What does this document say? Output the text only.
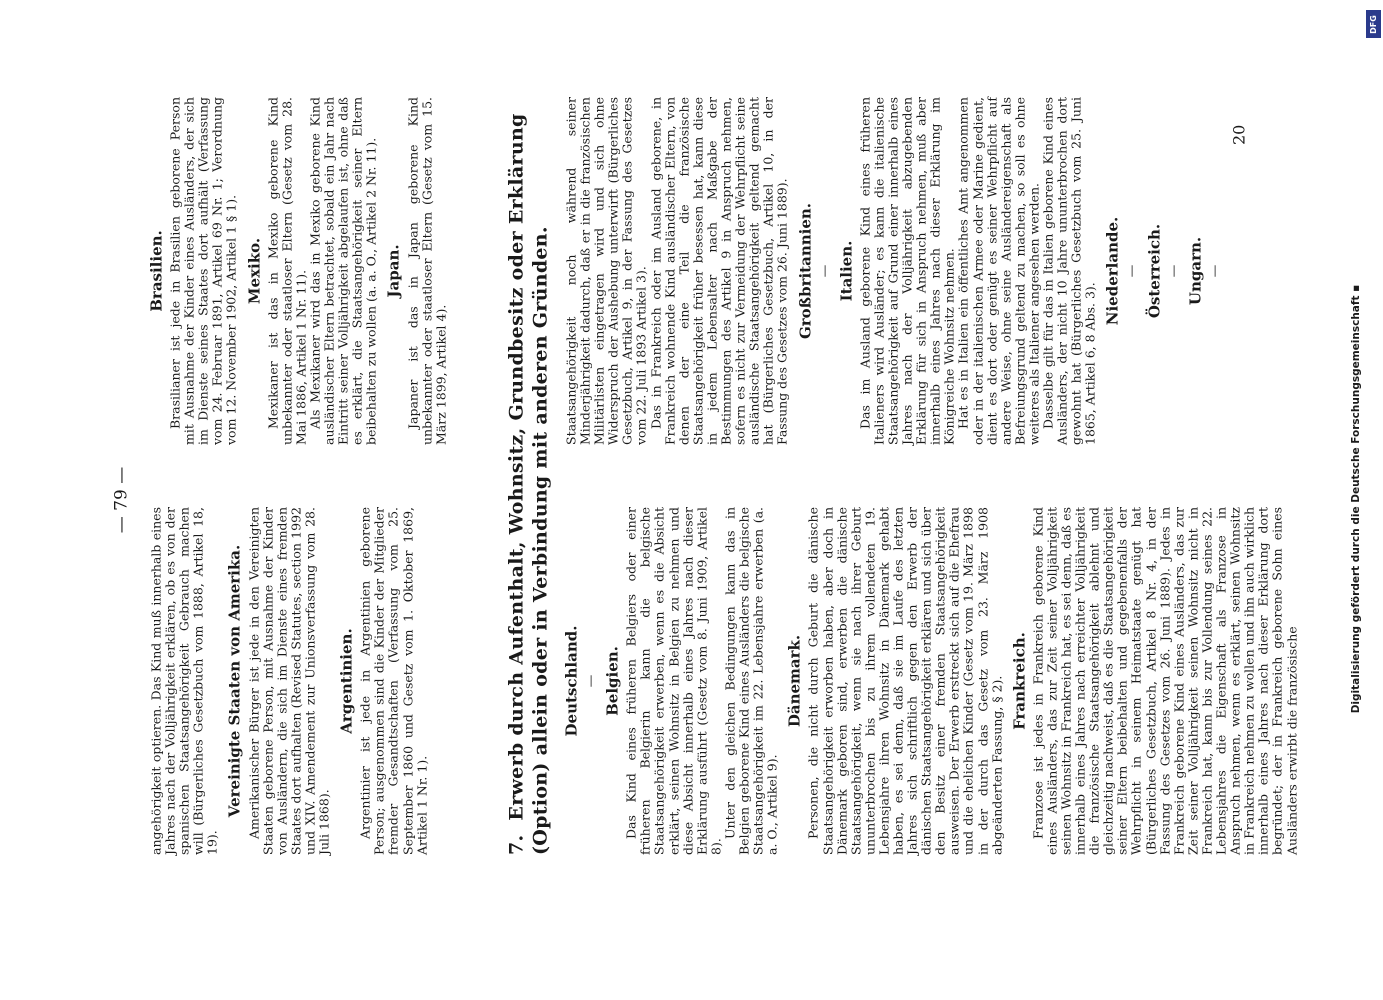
— 79 —

angehörigkeit optieren. Das Kind muß innerhalb eines Jahres nach der Volljährigkeit erklären, ob es von der spanischen Staatsangehörigkeit Gebrauch machen will (Bürgerliches Gesetzbuch vom 1888, Artikel 18, 19).

Vereinigte Staaten von Amerika. Amerikanischer Bürger ist jede in den Vereinigten Staaten geborene Person, mit Ausnahme der Kinder von Ausländern, die sich im Dienste eines fremden Staates dort aufhalten (Revised Statutes, section 1992 und XIV. Amendement zur Unionsverfassung vom 28. Juli 1868).

Argentinien. Argentinier ist jede in Argentinien geborene Person; ausgenommen sind die Kinder der Mitglieder fremder Gesandtschaften (Verfassung vom 25. September 1860 und Gesetz vom 1. Oktober 1869, Artikel 1 Nr. 1).

Brasilien. Brasilianer ist jede in Brasilien geborene Person mit Ausnahme der Kinder eines Ausländers, der sich im Dienste seines Staates dort aufhält (Verfassung vom 24. Februar 1891, Artikel 69 Nr. 1; Verordnung vom 12. November 1902, Artikel 1 § 1). Mexiko. Mexikaner ist das in Mexiko geborene Kind unbekannter oder staatloser Eltern (Gesetz vom 28. Mai 1886, Artikel 1 Nr. 11). Als Mexikaner wird das in Mexiko geborene Kind ausländischer Eltern betrachtet, sobald ein Jahr nach Eintritt seiner Volljährigkeit abgelaufen ist, ohne daß es erklärt, die Staatsangehörigkeit seiner Eltern beibehalten zu wollen (a. a. O., Artikel 2 Nr. 11). Japan. Japaner ist das in Japan geborene Kind unbekannter oder staatloser Eltern (Gesetz vom 15. März 1899, Artikel 4).

7.Erwerb durch Aufenthalt, Wohnsitz, Grundbesitz oder Erklärung (Option) allein oder in Verbindung mit anderen Gründen. Deutschland. — Belgien. Das Kind eines früheren Belgiers oder einer früheren Belgierin kann die belgische Staatsangehörigkeit erwerben, wenn es die Absicht erklärt, seinen Wohnsitz in Belgien zu nehmen und diese Absicht innerhalb eines Jahres nach dieser Erklärung ausführt (Gesetz vom 8. Juni 1909, Artikel 8).

Unter den gleichen Bedingungen kann das in Belgien geborene Kind eines Ausländers die belgische Staatsangehörigkeit im 22. Lebensjahre erwerben (a. a. O., Artikel 9).

Dänemark. Personen, die nicht durch Geburt die dänische Staatsangehörigkeit erworben haben, aber doch in Dänemark geboren sind, erwerben die dänische Staatsangehörigkeit, wenn sie nach ihrer Geburt ununterbrochen bis zu ihrem vollendeten 19. Lebensjahre ihren Wohnsitz in Dänemark gehabt haben, es sei denn, daß sie im Laufe des letzten Jahres sich schriftlich gegen den Erwerb der dänischen Staatsangehörigkeit erklären und sich über den Besitz einer fremden Staatsangehörigkeit ausweisen. Der Erwerb erstreckt sich auf die Ehefrau und die ehelichen Kinder (Gesetz vom 19. März 1898 in der durch das Gesetz vom 23. März 1908 abgeänderten Fassung, § 2). Frankreich. Franzose ist jedes in Frankreich geborene Kind eines Ausländers, das zur Zeit seiner Volljährigkeit seinen Wohnsitz in Frankreich hat, es sei denn, daß es innerhalb eines Jahres nach erreichter Volljährigkeit die französische Staatsangehörigkeit ablehnt und gleichzeitig nachweist, daß es die Staatsangehörigkeit seiner Eltern beibehalten und gegebenenfalls der Wehrpflicht in seinem Heimatstaate genügt hat (Bürgerliches Gesetzbuch, Artikel 8 Nr. 4, in der Fassung des Gesetzes vom 26. Juni 1889). Jedes in Frankreich geborene Kind eines Ausländers, das zur Zeit seiner Volljährigkeit seinen Wohnsitz nicht in Frankreich hat, kann bis zur Vollendung seines 22. Lebensjahres die Eigenschaft als Franzose in Anspruch nehmen, wenn es erklärt, seinen Wohnsitz in Frankreich nehmen zu wollen und ihn auch wirklich innerhalb eines Jahres nach dieser Erklärung dort begründet; der in Frankreich geborene Sohn eines Ausländers erwirbt die französische

Staatsangehörigkeit noch während seiner Minderjährigkeit dadurch, daß er in die französischen Militärlisten eingetragen wird und sich ohne Widerspruch der Aushebung unterwirft (Bürgerliches Gesetzbuch, Artikel 9, in der Fassung des Gesetzes vom 22. Juli 1893 Artikel 3). Das in Frankreich oder im Ausland geborene, in Frankreich wohnende Kind ausländischer Eltern, von denen der eine Teil die französische Staatsangehörigkeit früher besessen hat, kann diese in jedem Lebensalter nach Maßgabe der Bestimmungen des Artikel 9 in Anspruch nehmen, sofern es nicht zur Vermeidung der Wehrpflicht seine ausländische Staatsangehörigkeit geltend gemacht hat (Bürgerliches Gesetzbuch, Artikel 10, in der Fassung des Gesetzes vom 26. Juni 1889). Großbritannien. — Italien. Das im Ausland geborene Kind eines früheren Italieners wird Ausländer; es kann die italienische Staatsangehörigkeit auf Grund einer innerhalb eines Jahres nach der Volljährigkeit abzugebenden Erklärung für sich in Anspruch nehmen, muß aber innerhalb eines Jahres nach dieser Erklärung im Königreiche Wohnsitz nehmen. Hat es in Italien ein öffentliches Amt angenommen oder in der italienischen Armee oder Marine gedient, dient es dort oder genügt es seiner Wehrpflicht auf andere Weise, ohne seine Ausländereigenschaft als Befreiungsgrund geltend zu machen, so soll es ohne weiteres als Italiener angesehen werden. Dasselbe gilt für das in Italien geborene Kind eines Ausländers, der nicht 10 Jahre ununterbrochen dort gewohnt hat (Bürgerliches Gesetzbuch vom 25. Juni 1865, Artikel 6, 8 Abs. 3).

Niederlande. — Österreich. — Ungarn. —
20
Digitalisierung gefördert durch die Deutsche Forschungsgemeinschaft ▪
DFG
